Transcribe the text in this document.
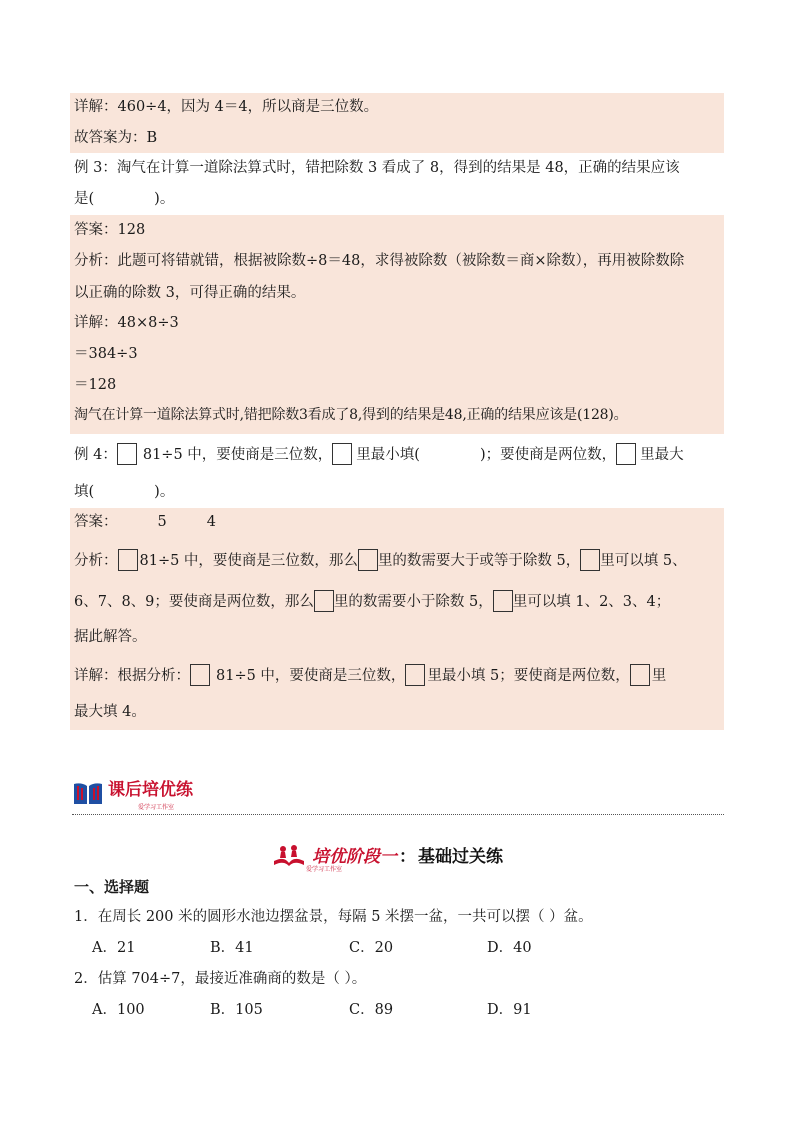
详解：460÷4，因为 4＝4，所以商是三位数。
故答案为：B
例 3：淘气在计算一道除法算式时，错把除数 3 看成了 8，得到的结果是 48，正确的结果应该
是(	)。
答案：128
分析：此题可将错就错，根据被除数÷8＝48，求得被除数（被除数＝商×除数），再用被除数除
以正确的除数 3，可得正确的结果。
详解：48×8÷3
＝384÷3
＝128
淘气在计算一道除法算式时,错把除数3看成了8,得到的结果是48,正确的结果应该是(128)。
例 4： 81÷5 中，要使商是三位数， 里最小填(	)；要使商是两位数， 里最大
填(	)。
答案：	5	4
分析： 81÷5 中，要使商是三位数，那么 里的数需要大于或等于除数 5， 里可以填 5、
6、7、8、9；要使商是两位数，那么 里的数需要小于除数 5， 里可以填 1、2、3、4；
据此解答。
详解：根据分析： 81÷5 中，要使商是三位数， 里最小填 5；要使商是两位数， 里
最大填 4。
课后培优练
爱学习工作室
培优阶段一 ： 基础过关练
爱学习工作室
一、选择题
1．在周长 200 米的圆形水池边摆盆景，每隔 5 米摆一盆，一共可以摆（ ）盆。
A．21	B．41	C．20	D．40
2．估算 704÷7，最接近准确商的数是（ ）。
A．100	B．105	C．89	D．91
